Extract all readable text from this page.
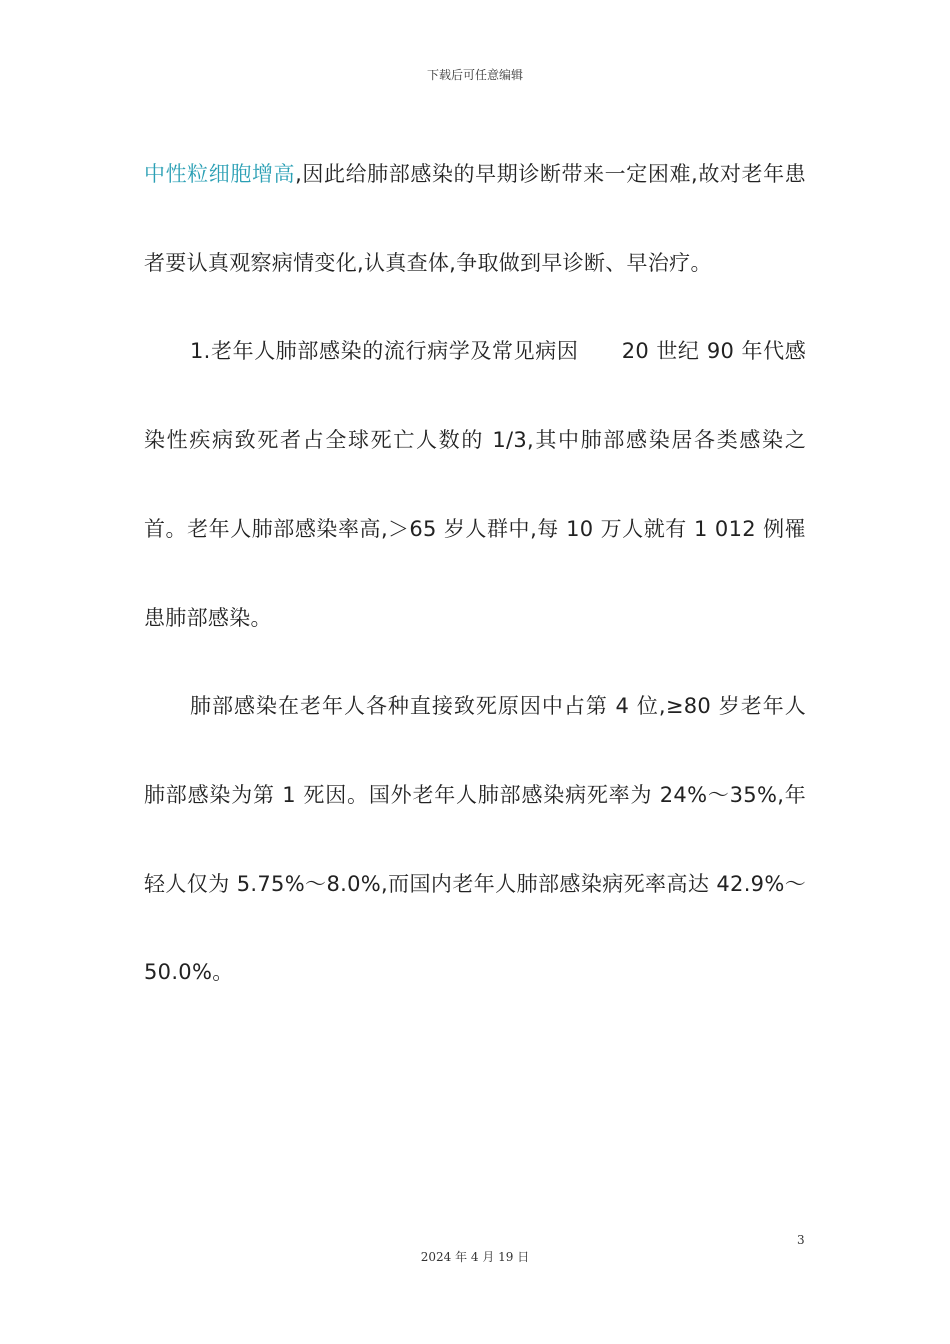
下载后可任意编辑

中性粒细胞增高,因此给肺部感染的早期诊断带来一定困难,故对老年患者要认真观察病情变化,认真查体,争取做到早诊断、早治疗。

1.老年人肺部感染的流行病学及常见病因　　20 世纪 90 年代感染性疾病致死者占全球死亡人数的 1/3,其中肺部感染居各类感染之首。老年人肺部感染率高,＞65 岁人群中,每 10 万人就有 1 012 例罹患肺部感染。

肺部感染在老年人各种直接致死原因中占第 4 位,≥80 岁老年人肺部感染为第 1 死因。国外老年人肺部感染病死率为 24%～35%,年轻人仅为 5.75%～8.0%,而国内老年人肺部感染病死率高达 42.9%～50.0%。

3
2024 年 4 月 19 日
